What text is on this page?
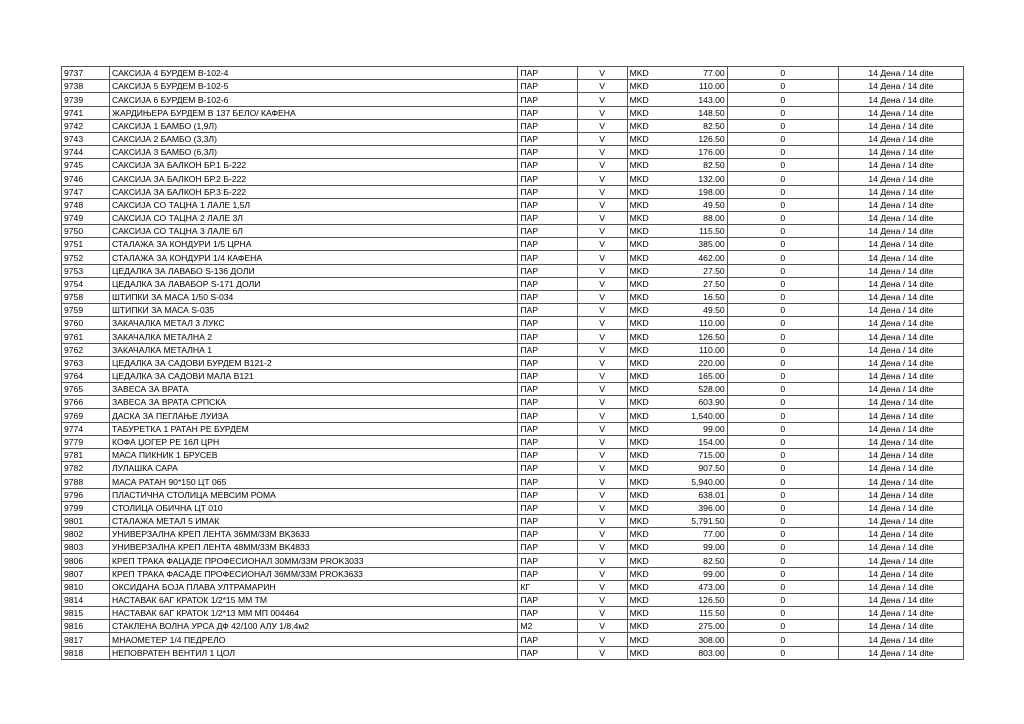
9737	САКСИЈА 4 БУРДЕМ B-102-4	ПАР	V	MKD	77.00	0	14 Дена / 14 dite
9738	САКСИЈА 5 БУРДЕМ B-102-5	ПАР	V	MKD	110.00	0	14 Дена / 14 dite
9739	САКСИЈА 6 БУРДЕМ B-102-6	ПАР	V	MKD	143.00	0	14 Дена / 14 dite
9741	ЖАРДИЊЕРА БУРДЕМ B 137 БЕЛО/ КАФЕНА	ПАР	V	MKD	148.50	0	14 Дена / 14 dite
9742	САКСИЈА 1 БАМБО (1,9Л)	ПАР	V	MKD	82.50	0	14 Дена / 14 dite
9743	САКСИЈА 2 БАМБО (3,3Л)	ПАР	V	MKD	126.50	0	14 Дена / 14 dite
9744	САКСИЈА 3 БАМБО (6,3Л)	ПАР	V	MKD	176.00	0	14 Дена / 14 dite
9745	САКСИЈА ЗА БАЛКОН БР.1 Б-222	ПАР	V	MKD	82.50	0	14 Дена / 14 dite
9746	САКСИЈА ЗА БАЛКОН БР.2 Б-222	ПАР	V	MKD	132.00	0	14 Дена / 14 dite
9747	САКСИЈА ЗА БАЛКОН БР.3 Б-222	ПАР	V	MKD	198.00	0	14 Дена / 14 dite
9748	САКСИЈА СО ТАЦНА 1 ЛАЛЕ 1,5Л	ПАР	V	MKD	49.50	0	14 Дена / 14 dite
9749	САКСИЈА СО ТАЦНА 2 ЛАЛЕ 3Л	ПАР	V	MKD	88.00	0	14 Дена / 14 dite
9750	САКСИЈА СО ТАЦНА 3 ЛАЛЕ 6Л	ПАР	V	MKD	115.50	0	14 Дена / 14 dite
9751	СТАЛАЖА ЗА КОНДУРИ 1/5 ЦРНА	ПАР	V	MKD	385.00	0	14 Дена / 14 dite
9752	СТАЛАЖА ЗА КОНДУРИ 1/4 КАФЕНА	ПАР	V	MKD	462.00	0	14 Дена / 14 dite
9753	ЦЕДАЛКА ЗА ЛАВАБО S-136 ДОЛИ	ПАР	V	MKD	27.50	0	14 Дена / 14 dite
9754	ЦЕДАЛКА ЗА ЛАВАБОР S-171 ДОЛИ	ПАР	V	MKD	27.50	0	14 Дена / 14 dite
9758	ШТИПКИ ЗА МАСА 1/50 S-034	ПАР	V	MKD	16.50	0	14 Дена / 14 dite
9759	ШТИПКИ ЗА МАСА S-035	ПАР	V	MKD	49.50	0	14 Дена / 14 dite
9760	ЗАКАЧАЛКА МЕТАЛ 3 ЛУКС	ПАР	V	MKD	110.00	0	14 Дена / 14 dite
9761	ЗАКАЧАЛКА МЕТАЛНА 2	ПАР	V	MKD	126.50	0	14 Дена / 14 dite
9762	ЗАКАЧАЛКА МЕТАЛНА 1	ПАР	V	MKD	110.00	0	14 Дена / 14 dite
9763	ЦЕДАЛКА ЗА САДОВИ БУРДЕМ B121-2	ПАР	V	MKD	220.00	0	14 Дена / 14 dite
9764	ЦЕДАЛКА ЗА САДОВИ МАЛА B121	ПАР	V	MKD	165.00	0	14 Дена / 14 dite
9765	ЗАВЕСА ЗА ВРАТА	ПАР	V	MKD	528.00	0	14 Дена / 14 dite
9766	ЗАВЕСА ЗА ВРАТА СРПСКА	ПАР	V	MKD	603.90	0	14 Дена / 14 dite
9769	ДАСКА ЗА ПЕГЛАЊЕ ЛУИЗА	ПАР	V	MKD	1,540.00	0	14 Дена / 14 dite
9774	ТАБУРЕТКА 1 РАТАН РЕ БУРДЕМ	ПАР	V	MKD	99.00	0	14 Дена / 14 dite
9779	КОФА ЏОГЕР РЕ 16Л ЦРН	ПАР	V	MKD	154.00	0	14 Дена / 14 dite
9781	МАСА ПИКНИК 1 БРУСЕВ	ПАР	V	MKD	715.00	0	14 Дена / 14 dite
9782	ЛУЛАШКА САРА	ПАР	V	MKD	907.50	0	14 Дена / 14 dite
9788	МАСА РАТАН 90*150 ЦТ 065	ПАР	V	MKD	5,940.00	0	14 Дена / 14 dite
9796	ПЛАСТИЧНА СТОЛИЦА МЕВСИМ РОМА	ПАР	V	MKD	638.01	0	14 Дена / 14 dite
9799	СТОЛИЦА ОБИЧНА ЦТ 010	ПАР	V	MKD	396.00	0	14 Дена / 14 dite
9801	СТАЛАЖА МЕТАЛ 5 ИМАК	ПАР	V	MKD	5,791.50	0	14 Дена / 14 dite
9802	УНИВЕРЗАЛНА КРЕП ЛЕНТА 36ММ/33М BK3633	ПАР	V	MKD	77.00	0	14 Дена / 14 dite
9803	УНИВЕРЗАЛНА КРЕП ЛЕНТА 48ММ/33М BK4833	ПАР	V	MKD	99.00	0	14 Дена / 14 dite
9806	КРЕП ТРАКА ФАЦАДЕ ПРОФЕСИОНАЛ 30ММ/33М PROK3033	ПАР	V	MKD	82.50	0	14 Дена / 14 dite
9807	КРЕП ТРАКА ФАСАДЕ ПРОФЕСИОНАЛ 36ММ/33М PROK3633	ПАР	V	MKD	99.00	0	14 Дена / 14 dite
9810	ОКСИДАНА БОЈА ПЛАВА УЛТРАМАРИН	КГ	V	MKD	473.00	0	14 Дена / 14 dite
9814	НАСТАВАК 6АГ КРАТОК 1/2*15 ММ ТМ	ПАР	V	MKD	126.50	0	14 Дена / 14 dite
9815	НАСТАВАК 6АГ КРАТОК 1/2*13 ММ МП 004464	ПАР	V	MKD	115.50	0	14 Дена / 14 dite
9816	СТАКЛЕНА ВОЛНА УРСА ДФ 42/100 АЛУ 1/8.4м2	М2	V	MKD	275.00	0	14 Дена / 14 dite
9817	МНАОМЕТЕР 1/4 ПЕДРЕЛО	ПАР	V	MKD	308.00	0	14 Дена / 14 dite
9818	НЕПОВРАТЕН ВЕНТИЛ 1 ЦОЛ	ПАР	V	MKD	803.00	0	14 Дена / 14 dite
